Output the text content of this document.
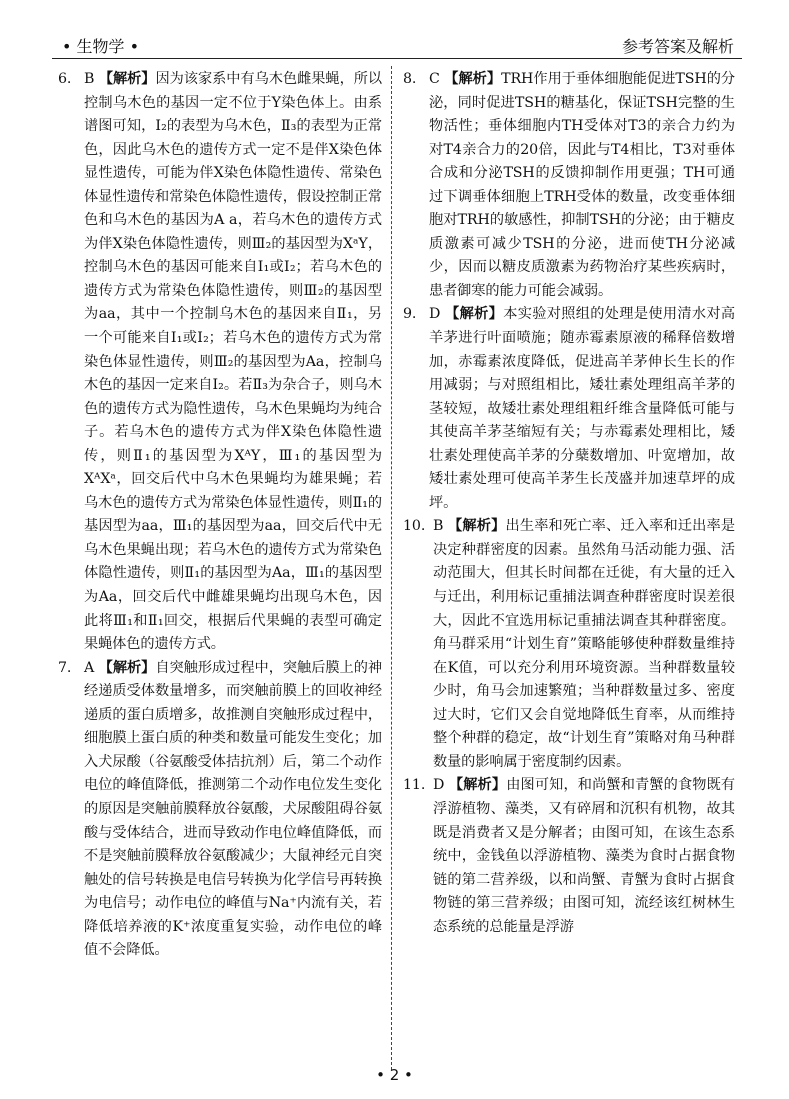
• 生物学 •	参考答案及解析

6. B 【解析】因为该家系中有乌木色雌果蝇，所以控制乌木色的基因一定不位于Y染色体上。由系谱图可知，Ⅰ₂的表型为乌木色，Ⅱ₃的表型为正常色，因此乌木色的遗传方式一定不是伴X染色体显性遗传，可能为伴X染色体隐性遗传、常染色体显性遗传和常染色体隐性遗传，假设控制正常色和乌木色的基因为A a，若乌木色的遗传方式为伴X染色体隐性遗传，则Ⅲ₂的基因型为XᵃY，控制乌木色的基因可能来自Ⅰ₁或Ⅰ₂；若乌木色的遗传方式为常染色体隐性遗传，则Ⅲ₂的基因型为aa，其中一个控制乌木色的基因来自Ⅱ₁，另一个可能来自Ⅰ₁或Ⅰ₂；若乌木色的遗传方式为常染色体显性遗传，则Ⅲ₂的基因型为Aa，控制乌木色的基因一定来自Ⅰ₂。若Ⅱ₃为杂合子，则乌木色的遗传方式为隐性遗传，乌木色果蝇均为纯合子。若乌木色的遗传方式为伴X染色体隐性遗传，则Ⅱ₁的基因型为XᴬY，Ⅲ₁的基因型为XᴬXᵃ，回交后代中乌木色果蝇均为雄果蝇；若乌木色的遗传方式为常染色体显性遗传，则Ⅱ₁的基因型为aa，Ⅲ₁的基因型为aa，回交后代中无乌木色果蝇出现；若乌木色的遗传方式为常染色体隐性遗传，则Ⅱ₁的基因型为Aa，Ⅲ₁的基因型为Aa，回交后代中雌雄果蝇均出现乌木色，因此将Ⅲ₁和Ⅱ₁回交，根据后代果蝇的表型可确定果蝇体色的遗传方式。

7. A 【解析】自突触形成过程中，突触后膜上的神经递质受体数量增多，而突触前膜上的回收神经递质的蛋白质增多，故推测自突触形成过程中，细胞膜上蛋白质的种类和数量可能发生变化；加入犬尿酸（谷氨酸受体拮抗剂）后，第二个动作电位的峰值降低，推测第二个动作电位发生变化的原因是突触前膜释放谷氨酸，犬尿酸阻碍谷氨酸与受体结合，进而导致动作电位峰值降低，而不是突触前膜释放谷氨酸减少；大鼠神经元自突触处的信号转换是电信号转换为化学信号再转换为电信号；动作电位的峰值与Na⁺内流有关，若降低培养液的K⁺浓度重复实验，动作电位的峰值不会降低。

8. C 【解析】TRH作用于垂体细胞能促进TSH的分泌，同时促进TSH的糖基化，保证TSH完整的生物活性；垂体细胞内TH受体对T3的亲合力约为对T4亲合力的20倍，因此与T4相比，T3对垂体合成和分泌TSH的反馈抑制作用更强；TH可通过下调垂体细胞上TRH受体的数量，改变垂体细胞对TRH的敏感性，抑制TSH的分泌；由于糖皮质激素可减少TSH的分泌，进而使TH分泌减少，因而以糖皮质激素为药物治疗某些疾病时，患者御寒的能力可能会减弱。

9. D 【解析】本实验对照组的处理是使用清水对高羊茅进行叶面喷施；随赤霉素原液的稀释倍数增加，赤霉素浓度降低，促进高羊茅伸长生长的作用减弱；与对照组相比，矮壮素处理组高羊茅的茎较短，故矮壮素处理组粗纤维含量降低可能与其使高羊茅茎缩短有关；与赤霉素处理相比，矮壮素处理使高羊茅的分蘖数增加、叶宽增加，故矮壮素处理可使高羊茅生长茂盛并加速草坪的成坪。

10. B 【解析】出生率和死亡率、迁入率和迁出率是决定种群密度的因素。虽然角马活动能力强、活动范围大，但其长时间都在迁徙，有大量的迁入与迁出，利用标记重捕法调查种群密度时误差很大，因此不宜选用标记重捕法调查其种群密度。角马群采用“计划生育”策略能够使种群数量维持在K值，可以充分利用环境资源。当种群数量较少时，角马会加速繁殖；当种群数量过多、密度过大时，它们又会自觉地降低生育率，从而维持整个种群的稳定，故“计划生育”策略对角马种群数量的影响属于密度制约因素。

11. D 【解析】由图可知，和尚蟹和青蟹的食物既有浮游植物、藻类，又有碎屑和沉积有机物，故其既是消费者又是分解者；由图可知，在该生态系统中，金钱鱼以浮游植物、藻类为食时占据食物链的第二营养级，以和尚蟹、青蟹为食时占据食物链的第三营养级；由图可知，流经该红树林生态系统的总能量是浮游

• 2 •
